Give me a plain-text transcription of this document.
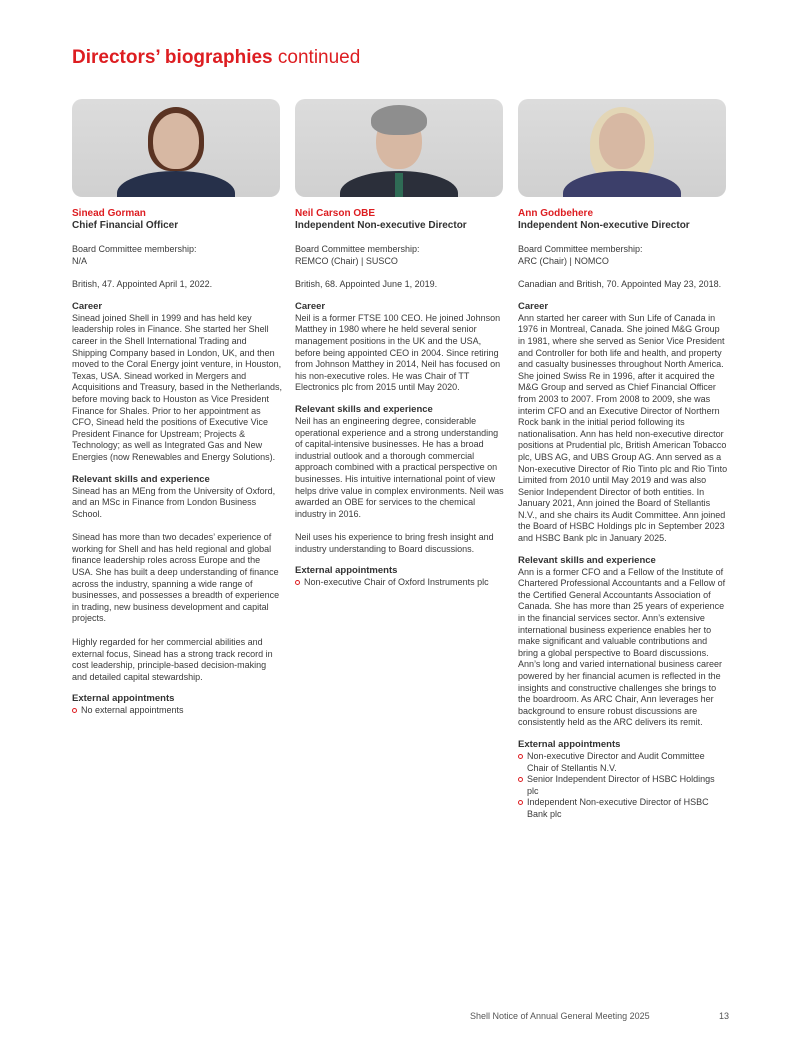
Directors’ biographies continued
Sinead Gorman
Chief Financial Officer

Board Committee membership:

N/A

British, 47. Appointed April 1, 2022.

Career

Sinead joined Shell in 1999 and has held key leadership roles in Finance. She started her Shell career in the Shell International Trading and Shipping Company based in London, UK, and then moved to the Coral Energy joint venture, in Houston, Texas, USA. Sinead worked in Mergers and Acquisitions and Treasury, based in the Netherlands, before moving back to Houston as Vice President Finance for Shales. Prior to her appointment as CFO, Sinead held the positions of Executive Vice President Finance for Upstream; Projects & Technology; as well as Integrated Gas and New Energies (now Renewables and Energy Solutions).

Relevant skills and experience

Sinead has an MEng from the University of Oxford, and an MSc in Finance from London Business School.

Sinead has more than two decades’ experience of working for Shell and has held regional and global finance leadership roles across Europe and the USA. She has built a deep understanding of finance across the industry, spanning a wide range of businesses, and possesses a breadth of experience in trading, new business development and capital projects.

Highly regarded for her commercial abilities and external focus, Sinead has a strong track record in cost leadership, principle-based decision-making and detailed capital stewardship.

External appointments
No external appointments
Neil Carson OBE
Independent Non-executive Director

Board Committee membership:

REMCO (Chair) | SUSCO

British, 68. Appointed June 1, 2019.

Career

Neil is a former FTSE 100 CEO. He joined Johnson Matthey in 1980 where he held several senior management positions in the UK and the USA, before being appointed CEO in 2004. Since retiring from Johnson Matthey in 2014, Neil has focused on his non-executive roles. He was Chair of TT Electronics plc from 2015 until May 2020.

Relevant skills and experience

Neil has an engineering degree, considerable operational experience and a strong understanding of capital-intensive businesses. He has a broad industrial outlook and a thorough commercial approach combined with a practical perspective on businesses. His intuitive international point of view helps drive value in complex environments. Neil was awarded an OBE for services to the chemical industry in 2016.

Neil uses his experience to bring fresh insight and industry understanding to Board discussions.

External appointments
Non-executive Chair of Oxford Instruments plc
Ann Godbehere
Independent Non-executive Director

Board Committee membership:

ARC (Chair) | NOMCO

Canadian and British, 70. Appointed May 23, 2018.

Career

Ann started her career with Sun Life of Canada in 1976 in Montreal, Canada. She joined M&G Group in 1981, where she served as Senior Vice President and Controller for both life and health, and property and casualty businesses throughout North America. She joined Swiss Re in 1996, after it acquired the M&G Group and served as Chief Financial Officer from 2003 to 2007. From 2008 to 2009, she was interim CFO and an Executive Director of Northern Rock bank in the initial period following its nationalisation. Ann has held non-executive director positions at Prudential plc, British American Tobacco plc, UBS AG, and UBS Group AG. Ann served as a Non-executive Director of Rio Tinto plc and Rio Tinto Limited from 2010 until May 2019 and was also Senior Independent Director of both entities. In January 2021, Ann joined the Board of Stellantis N.V., and she chairs its Audit Committee. Ann joined the Board of HSBC Holdings plc in September 2023 and HSBC Bank plc in January 2025.

Relevant skills and experience

Ann is a former CFO and a Fellow of the Institute of Chartered Professional Accountants and a Fellow of the Certified General Accountants Association of Canada. She has more than 25 years of experience in the financial services sector. Ann’s extensive international business experience enables her to make significant and valuable contributions and bring a global perspective to Board discussions. Ann’s long and varied international business career powered by her financial acumen is reflected in the insights and constructive challenges she brings to the boardroom. As ARC Chair, Ann leverages her background to ensure robust discussions are consistently held as the ARC delivers its remit.

External appointments
Non-executive Director and Audit Committee Chair of Stellantis N.V.
Senior Independent Director of HSBC Holdings plc
Independent Non-executive Director of HSBC Bank plc
Shell Notice of Annual General Meeting 2025	13
